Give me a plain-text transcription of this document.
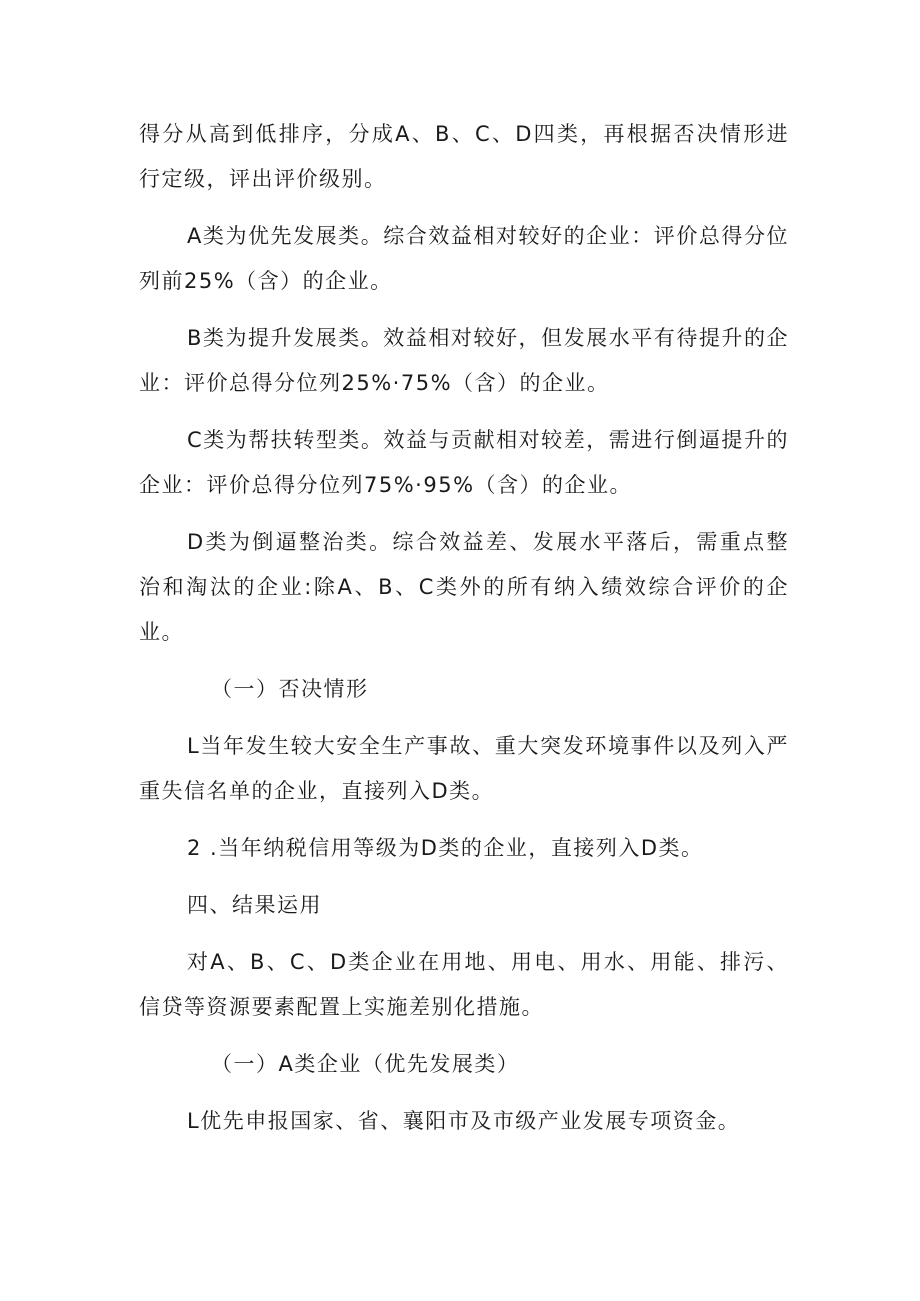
得分从高到低排序，分成A、B、C、D四类，再根据否决情形进行定级，评出评价级别。

A类为优先发展类。综合效益相对较好的企业：评价总得分位列前25%（含）的企业。

B类为提升发展类。效益相对较好，但发展水平有待提升的企业：评价总得分位列25%·75%（含）的企业。

C类为帮扶转型类。效益与贡献相对较差，需进行倒逼提升的企业：评价总得分位列75%·95%（含）的企业。

D类为倒逼整治类。综合效益差、发展水平落后，需重点整治和淘汰的企业:除A、B、C类外的所有纳入绩效综合评价的企业。

（一）否决情形

L当年发生较大安全生产事故、重大突发环境事件以及列入严重失信名单的企业，直接列入D类。

2 .当年纳税信用等级为D类的企业，直接列入D类。

四、结果运用

对A、B、C、D类企业在用地、用电、用水、用能、排污、信贷等资源要素配置上实施差别化措施。

（一）A类企业（优先发展类）

L优先申报国家、省、襄阳市及市级产业发展专项资金。
